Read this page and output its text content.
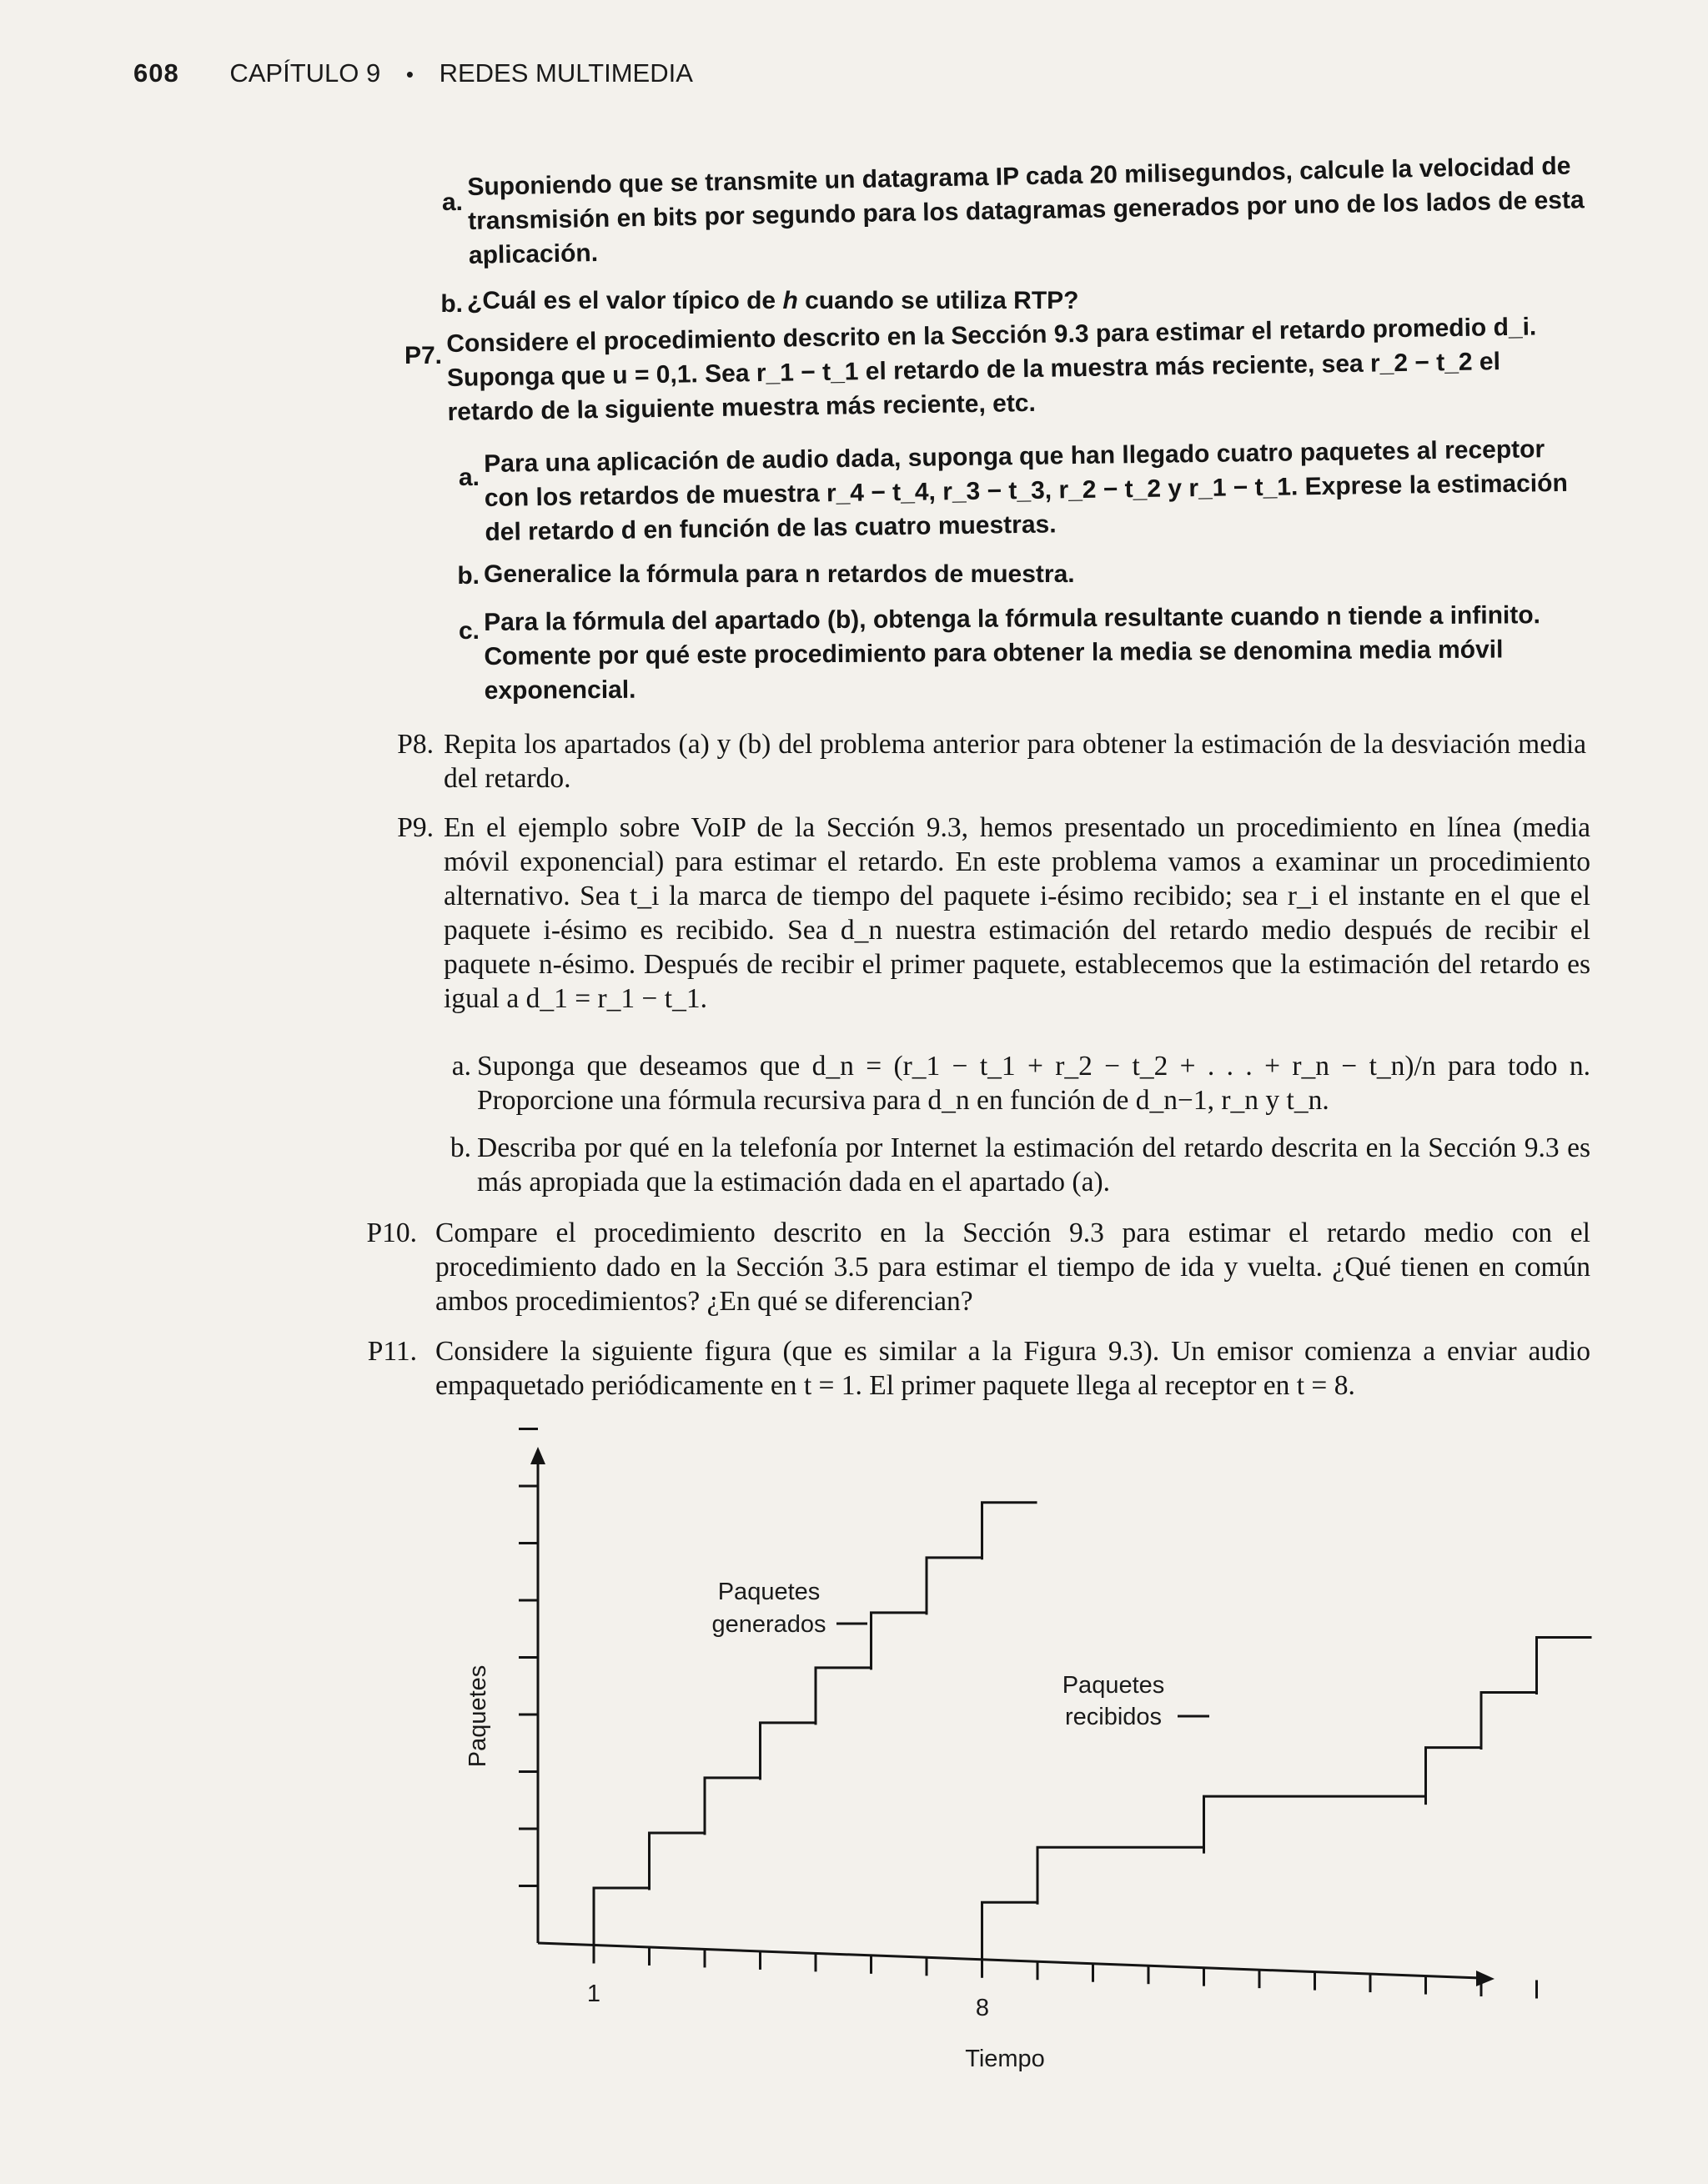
608 CAPÍTULO 9 • REDES MULTIMEDIA
a.
Suponiendo que se transmite un datagrama IP cada 20 milisegundos, calcule la velocidad de transmisión en bits por segundo para los datagramas generados por uno de los lados de esta aplicación.
b. ¿Cuál es el valor típico de h cuando se utiliza RTP?
P7. Considere el procedimiento descrito en la Sección 9.3 para estimar el retardo promedio d_i. Suponga que u = 0,1. Sea r_1 − t_1 el retardo de la muestra más reciente, sea r_2 − t_2 el retardo de la siguiente muestra más reciente, etc.
a. Para una aplicación de audio dada, suponga que han llegado cuatro paquetes al receptor con los retardos de muestra r_4 − t_4, r_3 − t_3, r_2 − t_2 y r_1 − t_1. Exprese la estimación del retardo d en función de las cuatro muestras.
b. Generalice la fórmula para n retardos de muestra.
c. Para la fórmula del apartado (b), obtenga la fórmula resultante cuando n tiende a infinito. Comente por qué este procedimiento para obtener la media se denomina media móvil exponencial.
P8. Repita los apartados (a) y (b) del problema anterior para obtener la estimación de la desviación media del retardo.
P9. En el ejemplo sobre VoIP de la Sección 9.3, hemos presentado un procedimiento en línea (media móvil exponencial) para estimar el retardo. En este problema vamos a examinar un procedimiento alternativo. Sea t_i la marca de tiempo del paquete i-ésimo recibido; sea r_i el instante en el que el paquete i-ésimo es recibido. Sea d_n nuestra estimación del retardo medio después de recibir el paquete n-ésimo. Después de recibir el primer paquete, establecemos que la estimación del retardo es igual a d_1 = r_1 − t_1.
a. Suponga que deseamos que d_n = (r_1 − t_1 + r_2 − t_2 + . . . + r_n − t_n)/n para todo n. Proporcione una fórmula recursiva para d_n en función de d_n−1, r_n y t_n.
b. Describa por qué en la telefonía por Internet la estimación del retardo descrita en la Sección 9.3 es más apropiada que la estimación dada en el apartado (a).
P10. Compare el procedimiento descrito en la Sección 9.3 para estimar el retardo medio con el procedimiento dado en la Sección 3.5 para estimar el tiempo de ida y vuelta. ¿Qué tienen en común ambos procedimientos? ¿En qué se diferencian?
P11. Considere la siguiente figura (que es similar a la Figura 9.3). Un emisor comienza a enviar audio empaquetado periódicamente en t = 1. El primer paquete llega al receptor en t = 8.
1
8
Tiempo
Paquetes
Paquetes
generados
Paquetes
recibidos
